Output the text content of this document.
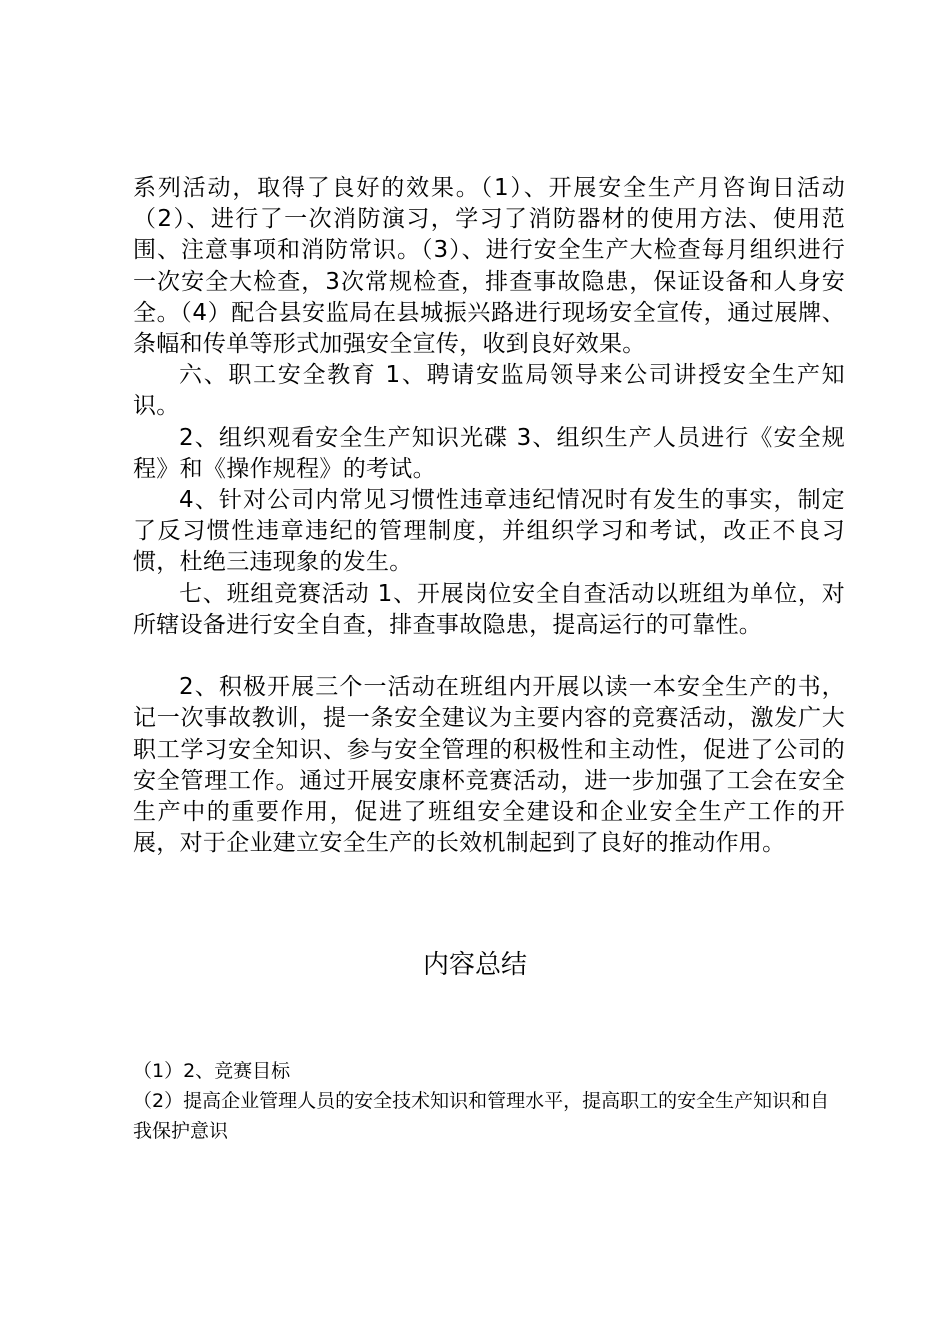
系列活动，取得了良好的效果。（1）、开展安全生产月咨询日活动（2）、进行了一次消防演习，学习了消防器材的使用方法、使用范围、注意事项和消防常识。（3）、进行安全生产大检查每月组织进行一次安全大检查，3次常规检查，排查事故隐患，保证设备和人身安全。（4）配合县安监局在县城振兴路进行现场安全宣传，通过展牌、条幅和传单等形式加强安全宣传，收到良好效果。

六、职工安全教育 1、聘请安监局领导来公司讲授安全生产知识。

2、组织观看安全生产知识光碟 3、组织生产人员进行《安全规程》和《操作规程》的考试。

4、针对公司内常见习惯性违章违纪情况时有发生的事实，制定了反习惯性违章违纪的管理制度，并组织学习和考试，改正不良习惯，杜绝三违现象的发生。

七、班组竞赛活动 1、开展岗位安全自查活动以班组为单位，对所辖设备进行安全自查，排查事故隐患，提高运行的可靠性。

2、积极开展三个一活动在班组内开展以读一本安全生产的书，记一次事故教训，提一条安全建议为主要内容的竞赛活动，激发广大职工学习安全知识、参与安全管理的积极性和主动性，促进了公司的安全管理工作。通过开展安康杯竞赛活动，进一步加强了工会在安全生产中的重要作用，促进了班组安全建设和企业安全生产工作的开展，对于企业建立安全生产的长效机制起到了良好的推动作用。

内容总结

（1）2、竞赛目标

（2）提高企业管理人员的安全技术知识和管理水平，提高职工的安全生产知识和自我保护意识
